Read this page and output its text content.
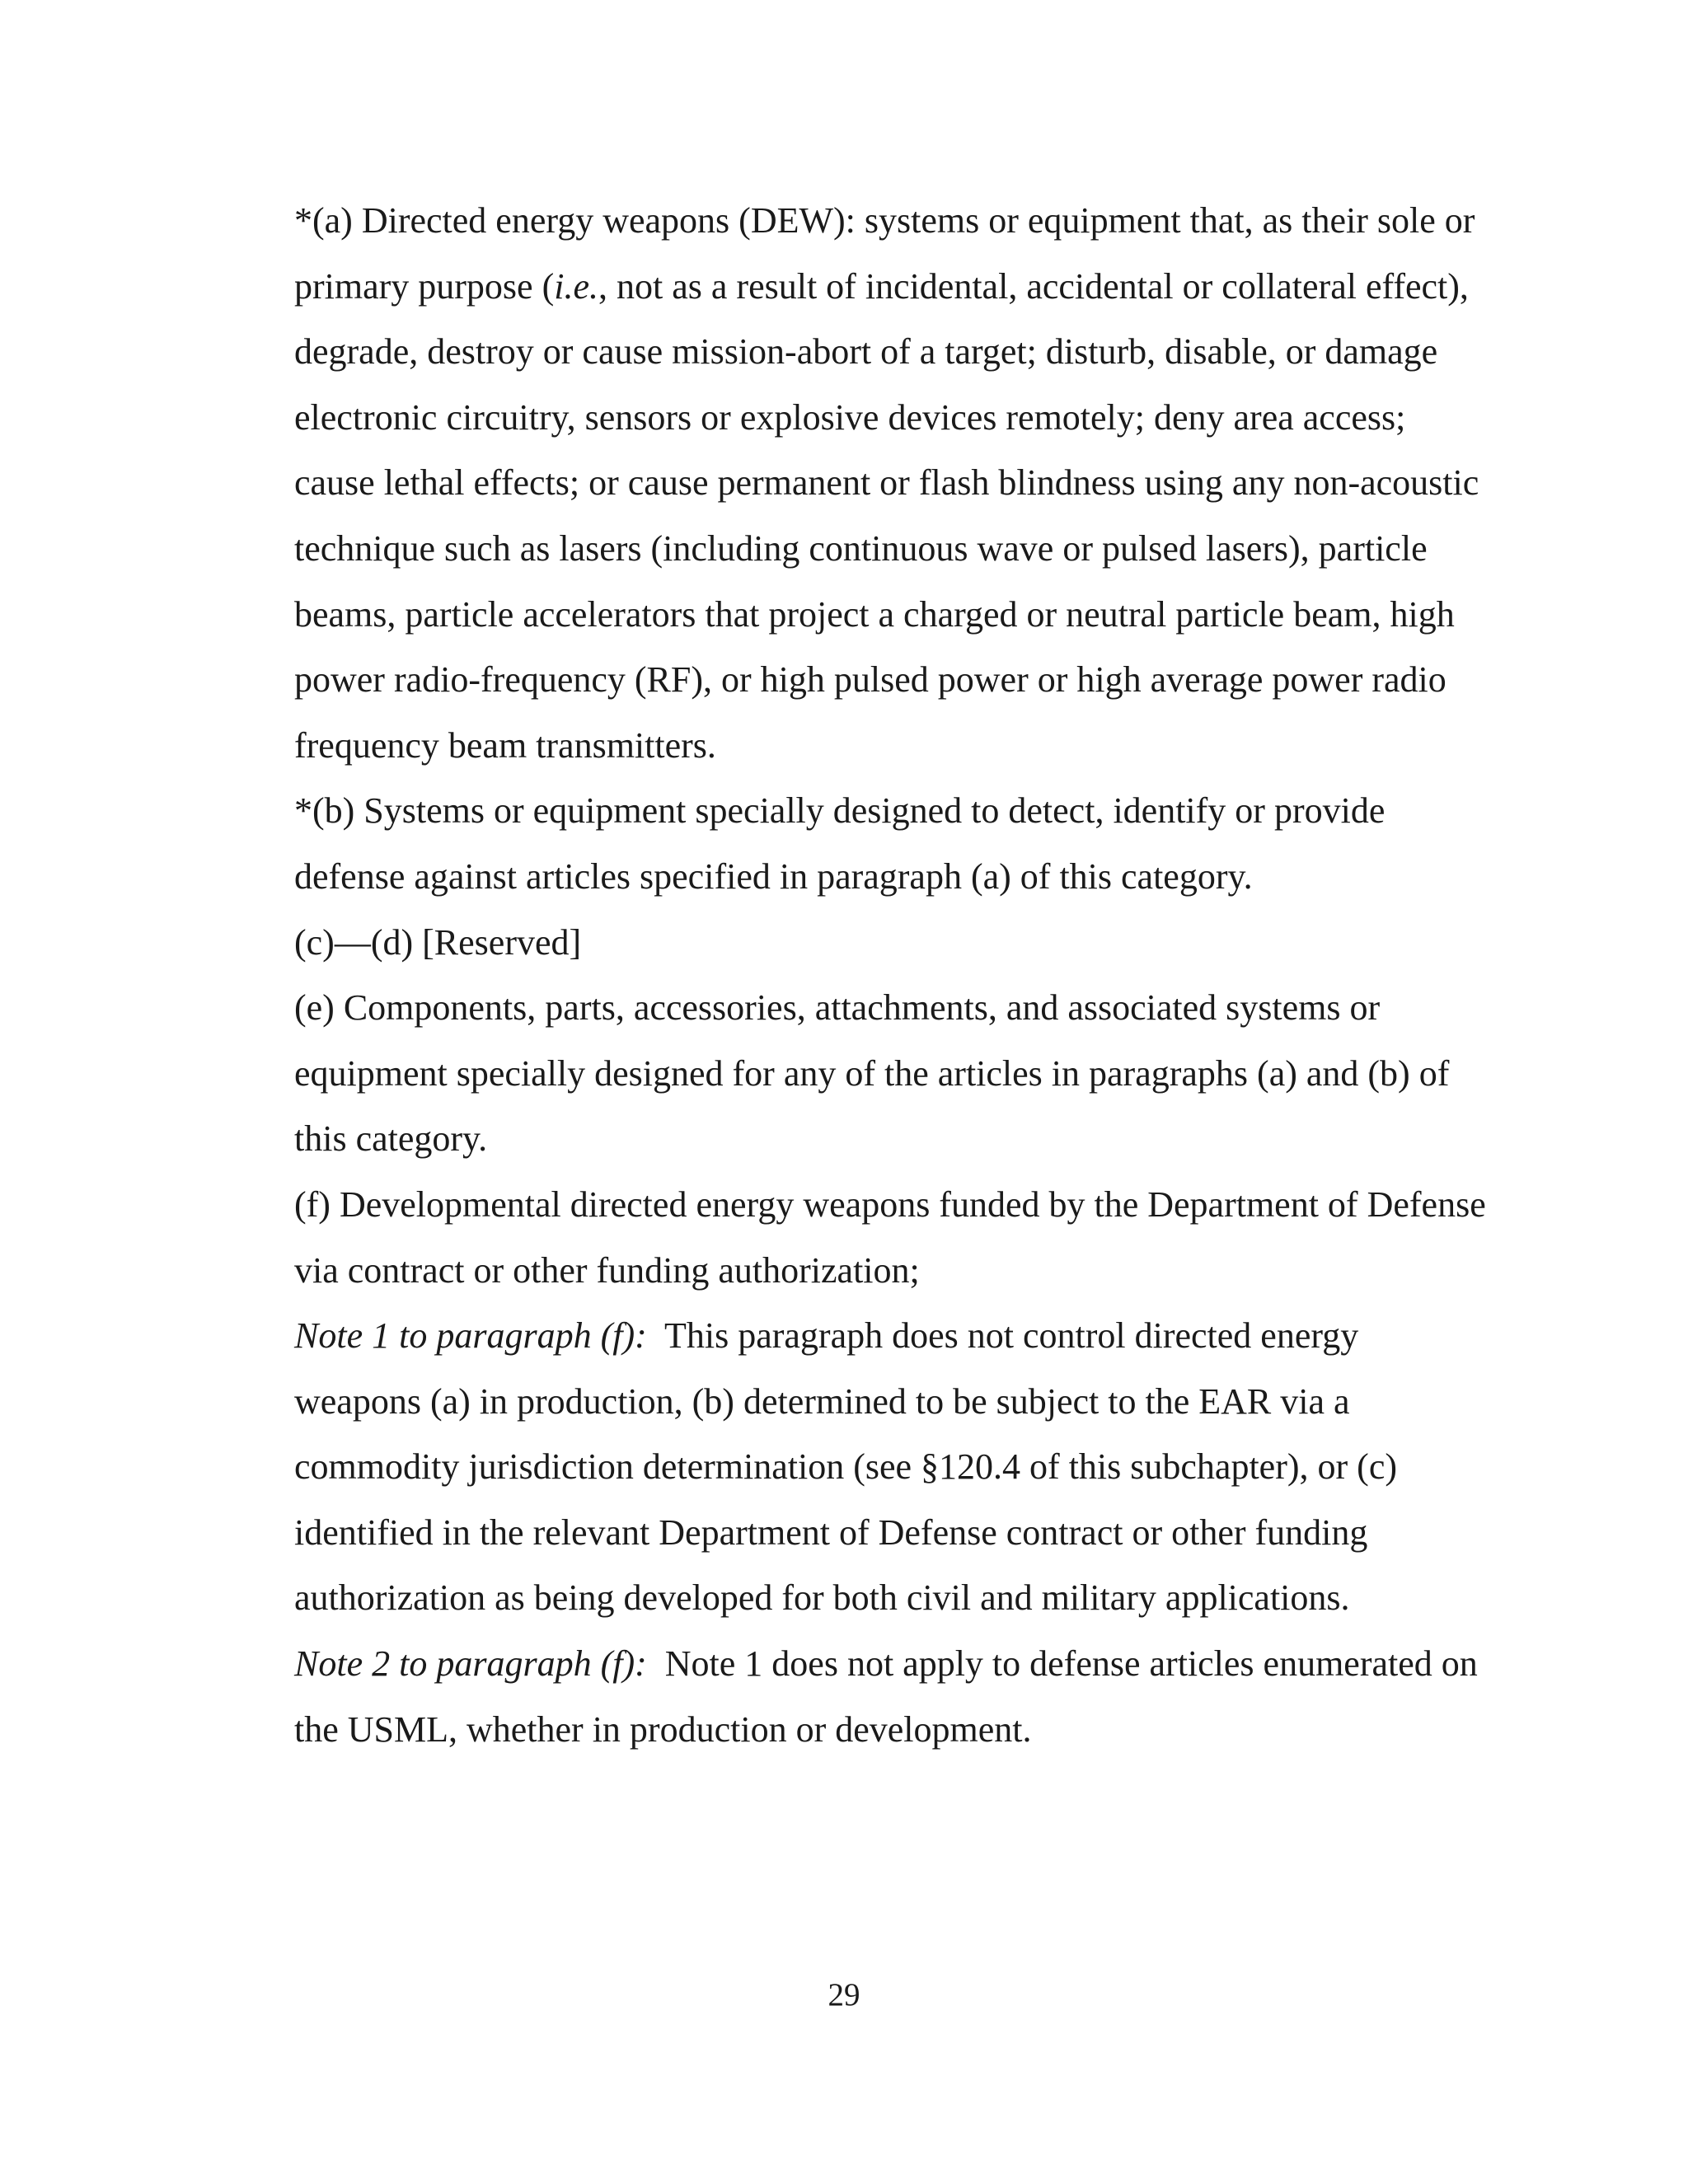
*(a) Directed energy weapons (DEW): systems or equipment that, as their sole or primary purpose (i.e., not as a result of incidental, accidental or collateral effect), degrade, destroy or cause mission-abort of a target; disturb, disable, or damage electronic circuitry, sensors or explosive devices remotely; deny area access; cause lethal effects; or cause permanent or flash blindness using any non-acoustic technique such as lasers (including continuous wave or pulsed lasers), particle beams, particle accelerators that project a charged or neutral particle beam, high power radio-frequency (RF), or high pulsed power or high average power radio frequency beam transmitters.

*(b) Systems or equipment specially designed to detect, identify or provide defense against articles specified in paragraph (a) of this category.

(c)—(d) [Reserved]

(e) Components, parts, accessories, attachments, and associated systems or equipment specially designed for any of the articles in paragraphs (a) and (b) of this category.

(f) Developmental directed energy weapons funded by the Department of Defense via contract or other funding authorization;

Note 1 to paragraph (f): This paragraph does not control directed energy weapons (a) in production, (b) determined to be subject to the EAR via a commodity jurisdiction determination (see §120.4 of this subchapter), or (c) identified in the relevant Department of Defense contract or other funding authorization as being developed for both civil and military applications.

Note 2 to paragraph (f): Note 1 does not apply to defense articles enumerated on the USML, whether in production or development.

29
